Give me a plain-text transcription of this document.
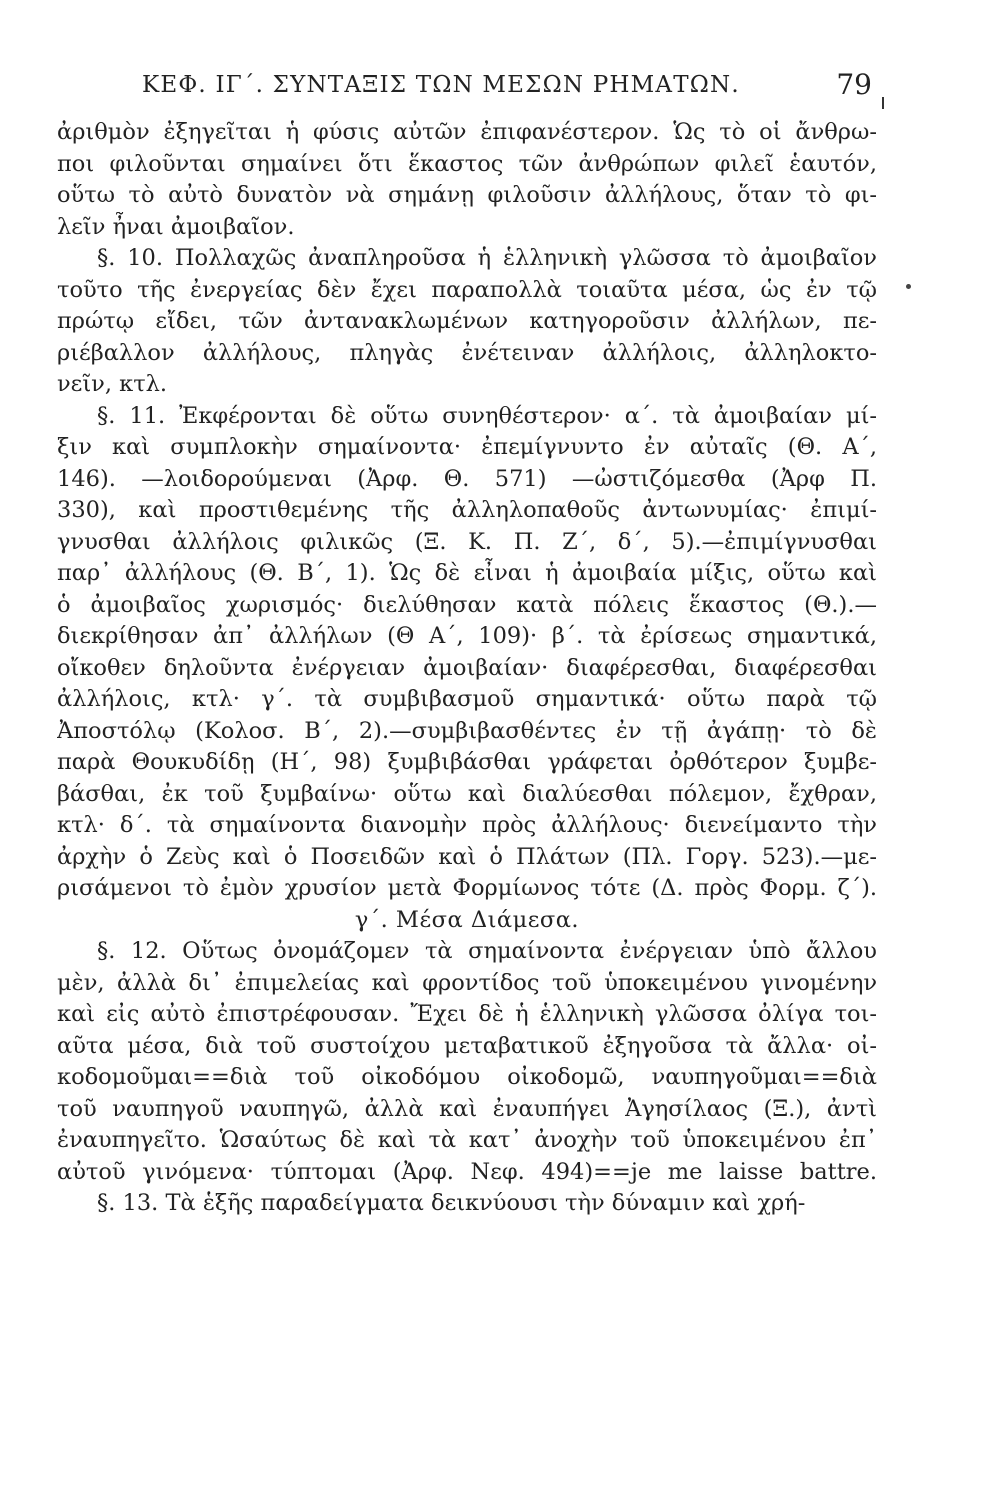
ΚΕΦ. ΙΓ΄. ΣΥΝΤΑΞΙΣ ΤΩΝ ΜΕΣΩΝ ΡΗΜΑΤΩΝ.	79
ἀριθμὸν ἐξηγεῖται ἡ φύσις αὐτῶν ἐπιφανέστερον. Ὡς τὸ οἱ ἄνθρω-
ποι φιλοῦνται σημαίνει ὅτι ἕκαστος τῶν ἀνθρώπων φιλεῖ ἑαυτόν,
οὕτω τὸ αὐτὸ δυνατὸν νὰ σημάνῃ φιλοῦσιν ἀλλήλους, ὅταν τὸ φι-
λεῖν ἦναι ἀμοιβαῖον.
§. 10. Πολλαχῶς ἀναπληροῦσα ἡ ἑλληνικὴ γλῶσσα τὸ ἀμοιβαῖον
τοῦτο τῆς ἐνεργείας δὲν ἔχει παραπολλὰ τοιαῦτα μέσα, ὡς ἐν τῷ
πρώτῳ εἴδει, τῶν ἀντανακλωμένων κατηγοροῦσιν ἀλλήλων, πε-
ριέβαλλον ἀλλήλους, πληγὰς ἐνέτειναν ἀλλήλοις, ἀλληλοκτο-
νεῖν, κτλ.
§. 11. Ἐκφέρονται δὲ οὕτω συνηθέστερον· α΄. τὰ ἀμοιβαίαν μί-
ξιν καὶ συμπλοκὴν σημαίνοντα· ἐπεμίγνυντο ἐν αὐταῖς (Θ. Α΄,
146). —λοιδορούμεναι (Ἀρφ. Θ. 571) —ὠστιζόμεσθα (Ἀρφ Π.
330), καὶ προστιθεμένης τῆς ἀλληλοπαθοῦς ἀντωνυμίας· ἐπιμί-
γνυσθαι ἀλλήλοις φιλικῶς (Ξ. Κ. Π. Ζ΄, δ΄, 5).—ἐπιμίγνυσθαι
παρ᾽ ἀλλήλους (Θ. Β΄, 1). Ὡς δὲ εἶναι ἡ ἀμοιβαία μίξις, οὕτω καὶ
ὁ ἀμοιβαῖος χωρισμός· διελύθησαν κατὰ πόλεις ἕκαστος (Θ.).—
διεκρίθησαν ἀπ᾽ ἀλλήλων (Θ Α΄, 109)· β΄. τὰ ἐρίσεως σημαντικά,
οἴκοθεν δηλοῦντα ἐνέργειαν ἀμοιβαίαν· διαφέρεσθαι, διαφέρεσθαι
ἀλλήλοις, κτλ· γ΄. τὰ συμβιβασμοῦ σημαντικά· οὕτω παρὰ τῷ
Ἀποστόλῳ (Κολοσ. Β΄, 2).—συμβιβασθέντες ἐν τῇ ἀγάπῃ· τὸ δὲ
παρὰ Θουκυδίδῃ (Η΄, 98) ξυμβιβάσθαι γράφεται ὀρθότερον ξυμβε-
βάσθαι, ἐκ τοῦ ξυμβαίνω· οὕτω καὶ διαλύεσθαι πόλεμον, ἔχθραν,
κτλ· δ΄. τὰ σημαίνοντα διανομὴν πρὸς ἀλλήλους· διενείμαντο τὴν
ἀρχὴν ὁ Ζεὺς καὶ ὁ Ποσειδῶν καὶ ὁ Πλάτων (Πλ. Γοργ. 523).—με-
ρισάμενοι τὸ ἐμὸν χρυσίον μετὰ Φορμίωνος τότε (Δ. πρὸς Φορμ. ζ΄).
γ΄. Μέσα Διάμεσα.
§. 12. Οὕτως ὀνομάζομεν τὰ σημαίνοντα ἐνέργειαν ὑπὸ ἄλλου
μὲν, ἀλλὰ δι᾽ ἐπιμελείας καὶ φροντίδος τοῦ ὑποκειμένου γινομένην
καὶ εἰς αὐτὸ ἐπιστρέφουσαν. Ἔχει δὲ ἡ ἑλληνικὴ γλῶσσα ὀλίγα τοι-
αῦτα μέσα, διὰ τοῦ συστοίχου μεταβατικοῦ ἐξηγοῦσα τὰ ἄλλα· οἰ-
κοδομοῦμαι==διὰ τοῦ οἰκοδόμου οἰκοδομῶ, ναυπηγοῦμαι==διὰ
τοῦ ναυπηγοῦ ναυπηγῶ, ἀλλὰ καὶ ἐναυπήγει Ἀγησίλαος (Ξ.), ἀντὶ
ἐναυπηγεῖτο. Ὡσαύτως δὲ καὶ τὰ κατ᾽ ἀνοχὴν τοῦ ὑποκειμένου ἐπ᾽
αὐτοῦ γινόμενα· τύπτομαι (Ἀρφ. Νεφ. 494)==je me laisse battre.
§. 13. Τὰ ἑξῆς παραδείγματα δεικνύουσι τὴν δύναμιν καὶ χρή-
